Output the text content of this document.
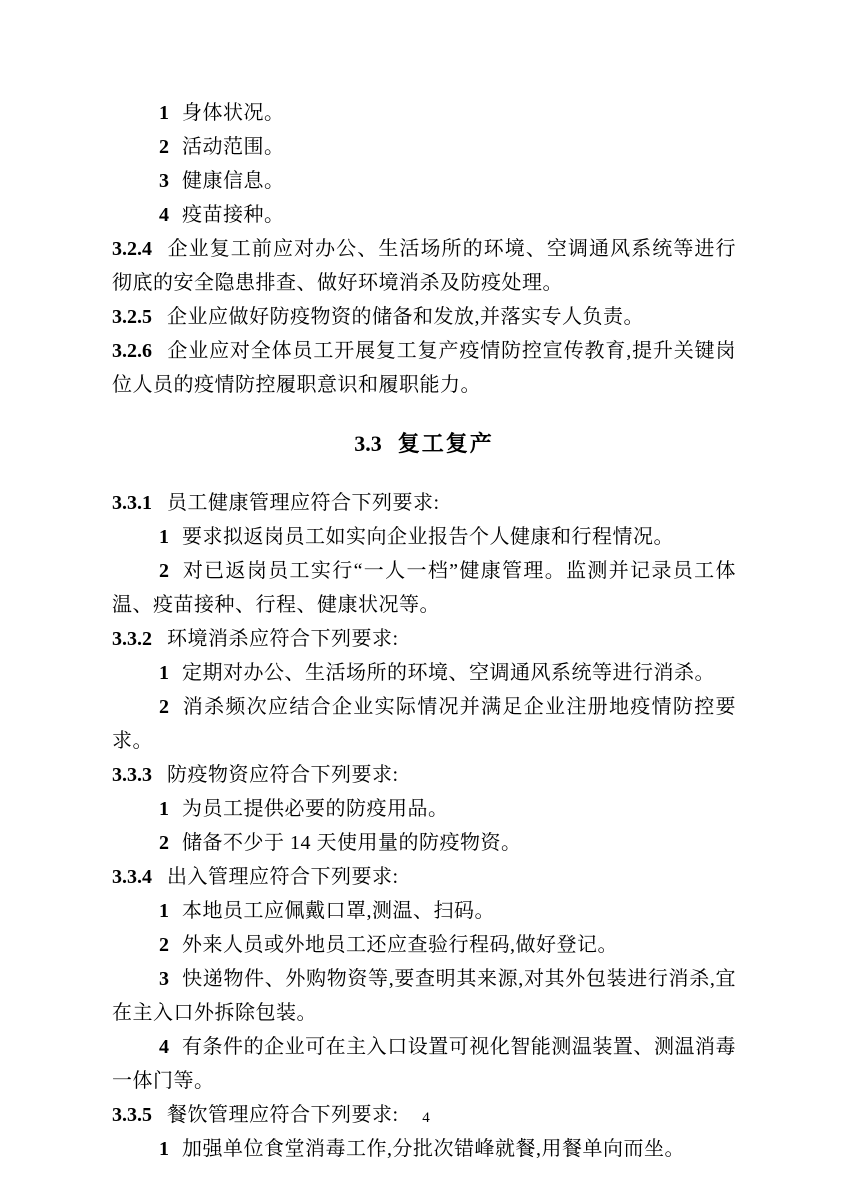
1 身体状况。

2 活动范围。

3 健康信息。

4 疫苗接种。

3.2.4 企业复工前应对办公、生活场所的环境、空调通风系统等进行彻底的安全隐患排查、做好环境消杀及防疫处理。

3.2.5 企业应做好防疫物资的储备和发放,并落实专人负责。

3.2.6 企业应对全体员工开展复工复产疫情防控宣传教育,提升关键岗位人员的疫情防控履职意识和履职能力。

3.3 复工复产

3.3.1 员工健康管理应符合下列要求:

1 要求拟返岗员工如实向企业报告个人健康和行程情况。

2 对已返岗员工实行“一人一档”健康管理。监测并记录员工体温、疫苗接种、行程、健康状况等。

3.3.2 环境消杀应符合下列要求:

1 定期对办公、生活场所的环境、空调通风系统等进行消杀。

2 消杀频次应结合企业实际情况并满足企业注册地疫情防控要求。

3.3.3 防疫物资应符合下列要求:

1 为员工提供必要的防疫用品。

2 储备不少于 14 天使用量的防疫物资。

3.3.4 出入管理应符合下列要求:

1 本地员工应佩戴口罩,测温、扫码。

2 外来人员或外地员工还应查验行程码,做好登记。

3 快递物件、外购物资等,要查明其来源,对其外包装进行消杀,宜在主入口外拆除包装。

4 有条件的企业可在主入口设置可视化智能测温装置、测温消毒一体门等。

3.3.5 餐饮管理应符合下列要求:

1 加强单位食堂消毒工作,分批次错峰就餐,用餐单向而坐。

4
